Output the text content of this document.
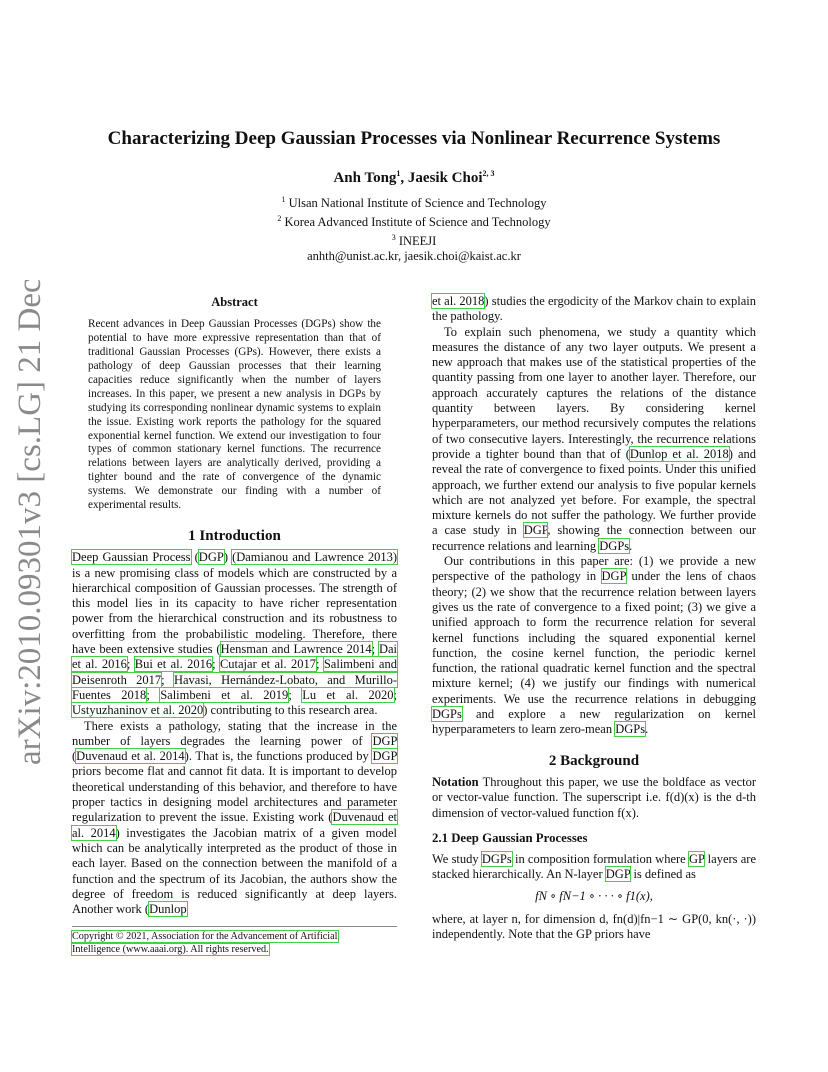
arXiv:2010.09301v3 [cs.LG] 21 Dec 2020
Characterizing Deep Gaussian Processes via Nonlinear Recurrence Systems
Anh Tong$^1$, Jaesik Choi$^{2, 3}$
$^1$ Ulsan National Institute of Science and Technology
$^2$ Korea Advanced Institute of Science and Technology
$^3$ INEEJI
anhth@unist.ac.kr, jaesik.choi@kaist.ac.kr
Abstract
Recent advances in Deep Gaussian Processes (DGPs) show the potential to have more expressive representation than that of traditional Gaussian Processes (GPs). However, there exists a pathology of deep Gaussian processes that their learning capacities reduce significantly when the number of layers increases. In this paper, we present a new analysis in DGPs by studying its corresponding nonlinear dynamic systems to explain the issue. Existing work reports the pathology for the squared exponential kernel function. We extend our investigation to four types of common stationary kernel functions. The recurrence relations between layers are analytically derived, providing a tighter bound and the rate of convergence of the dynamic systems. We demonstrate our finding with a number of experimental results.
1 Introduction

Deep Gaussian Process (DGP) (Damianou and Lawrence 2013) is a new promising class of models which are constructed by a hierarchical composition of Gaussian processes. The strength of this model lies in its capacity to have richer representation power from the hierarchical construction and its robustness to overfitting from the probabilistic modeling. Therefore, there have been extensive studies (Hensman and Lawrence 2014; Dai et al. 2016; Bui et al. 2016; Cutajar et al. 2017; Salimbeni and Deisenroth 2017; Havasi, Hernández-Lobato, and Murillo-Fuentes 2018; Salimbeni et al. 2019; Lu et al. 2020; Ustyuzhaninov et al. 2020) contributing to this research area.

There exists a pathology, stating that the increase in the number of layers degrades the learning power of DGP (Duvenaud et al. 2014). That is, the functions produced by DGP priors become flat and cannot fit data. It is important to develop theoretical understanding of this behavior, and therefore to have proper tactics in designing model architectures and parameter regularization to prevent the issue. Existing work (Duvenaud et al. 2014) investigates the Jacobian matrix of a given model which can be analytically interpreted as the product of those in each layer. Based on the connection between the manifold of a function and the spectrum of its Jacobian, the authors show the degree of freedom is reduced significantly at deep layers. Another work (Dunlop

Copyright © 2021, Association for the Advancement of Artificial
Intelligence (www.aaai.org). All rights reserved.

et al. 2018) studies the ergodicity of the Markov chain to explain the pathology.

To explain such phenomena, we study a quantity which measures the distance of any two layer outputs. We present a new approach that makes use of the statistical properties of the quantity passing from one layer to another layer. Therefore, our approach accurately captures the relations of the distance quantity between layers. By considering kernel hyperparameters, our method recursively computes the relations of two consecutive layers. Interestingly, the recurrence relations provide a tighter bound than that of (Dunlop et al. 2018) and reveal the rate of convergence to fixed points. Under this unified approach, we further extend our analysis to five popular kernels which are not analyzed yet before. For example, the spectral mixture kernels do not suffer the pathology. We further provide a case study in DGP, showing the connection between our recurrence relations and learning DGPs.

Our contributions in this paper are: (1) we provide a new perspective of the pathology in DGP under the lens of chaos theory; (2) we show that the recurrence relation between layers gives us the rate of convergence to a fixed point; (3) we give a unified approach to form the recurrence relation for several kernel functions including the squared exponential kernel function, the cosine kernel function, the periodic kernel function, the rational quadratic kernel function and the spectral mixture kernel; (4) we justify our findings with numerical experiments. We use the recurrence relations in debugging DGPs and explore a new regularization on kernel hyperparameters to learn zero-mean DGPs.

2 Background

Notation Throughout this paper, we use the boldface as vector or vector-value function. The superscript i.e. f(d)(x) is the d-th dimension of vector-valued function f(x).

2.1 Deep Gaussian Processes

We study DGPs in composition formulation where GP layers are stacked hierarchically. An N-layer DGP is defined as

fN ∘ fN−1 ∘ · · · ∘ f1(x),

where, at layer n, for dimension d, fn(d)|fn−1 ∼ GP(0, kn(·, ·)) independently. Note that the GP priors have
